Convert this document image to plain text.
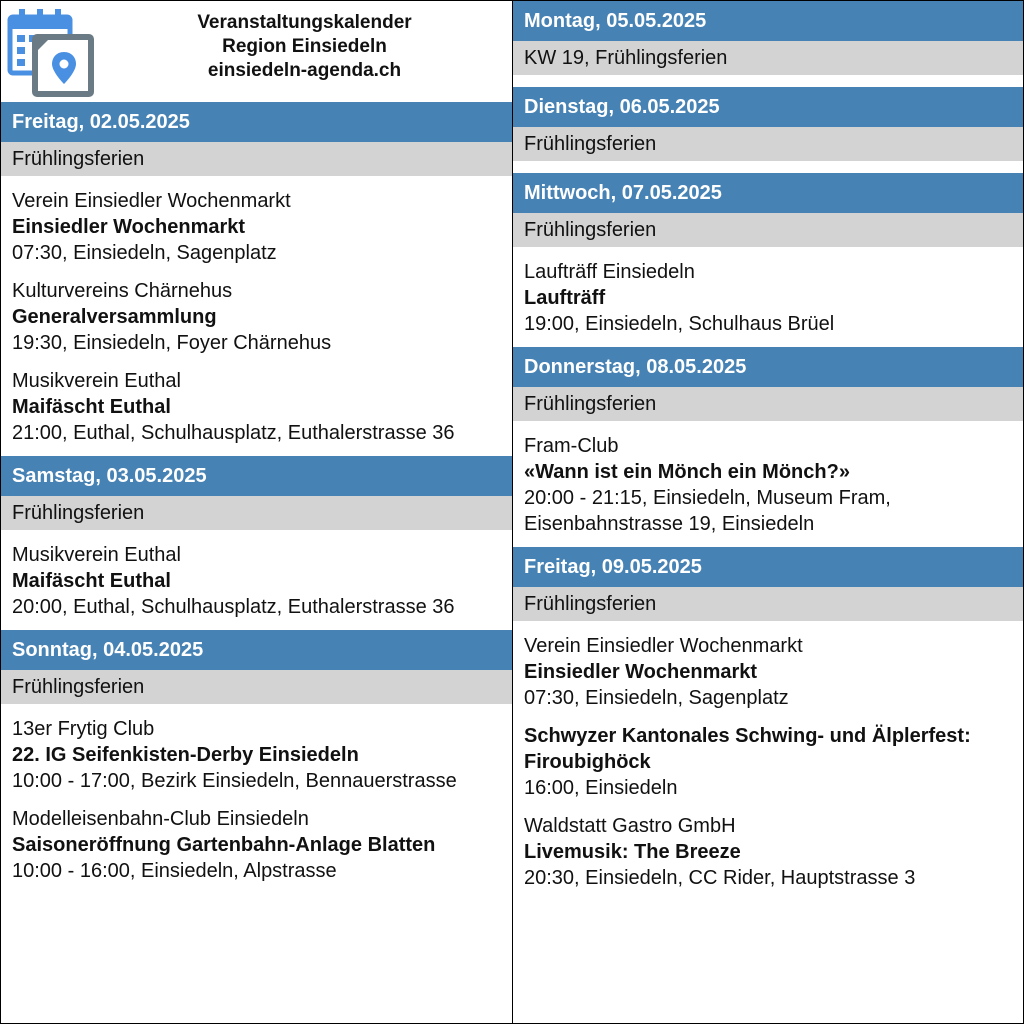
Veranstaltungskalender
Region Einsiedeln
einsiedeln-agenda.ch
Freitag, 02.05.2025
Frühlingsferien
Verein Einsiedler Wochenmarkt
Einsiedler Wochenmarkt
07:30, Einsiedeln, Sagenplatz
Kulturvereins Chärnehus
Generalversammlung
19:30, Einsiedeln, Foyer Chärnehus
Musikverein Euthal
Maifäscht Euthal
21:00, Euthal, Schulhausplatz, Euthalerstrasse 36
Samstag, 03.05.2025
Frühlingsferien
Musikverein Euthal
Maifäscht Euthal
20:00, Euthal, Schulhausplatz, Euthalerstrasse 36
Sonntag, 04.05.2025
Frühlingsferien
13er Frytig Club
22. IG Seifenkisten-Derby Einsiedeln
10:00 - 17:00, Bezirk Einsiedeln, Bennauerstrasse
Modelleisenbahn-Club Einsiedeln
Saisoneröffnung Gartenbahn-Anlage Blatten
10:00 - 16:00, Einsiedeln, Alpstrasse
Montag, 05.05.2025
KW 19, Frühlingsferien
Dienstag, 06.05.2025
Frühlingsferien
Mittwoch, 07.05.2025
Frühlingsferien
Laufträff Einsiedeln
Laufträff
19:00, Einsiedeln, Schulhaus Brüel
Donnerstag, 08.05.2025
Frühlingsferien
Fram-Club
«Wann ist ein Mönch ein Mönch?»
20:00 - 21:15, Einsiedeln, Museum Fram, Eisenbahnstrasse 19, Einsiedeln
Freitag, 09.05.2025
Frühlingsferien
Verein Einsiedler Wochenmarkt
Einsiedler Wochenmarkt
07:30, Einsiedeln, Sagenplatz
Schwyzer Kantonales Schwing- und Älplerfest: Firoubighöck
16:00, Einsiedeln
Waldstatt Gastro GmbH
Livemusik: The Breeze
20:30, Einsiedeln, CC Rider, Hauptstrasse 3
